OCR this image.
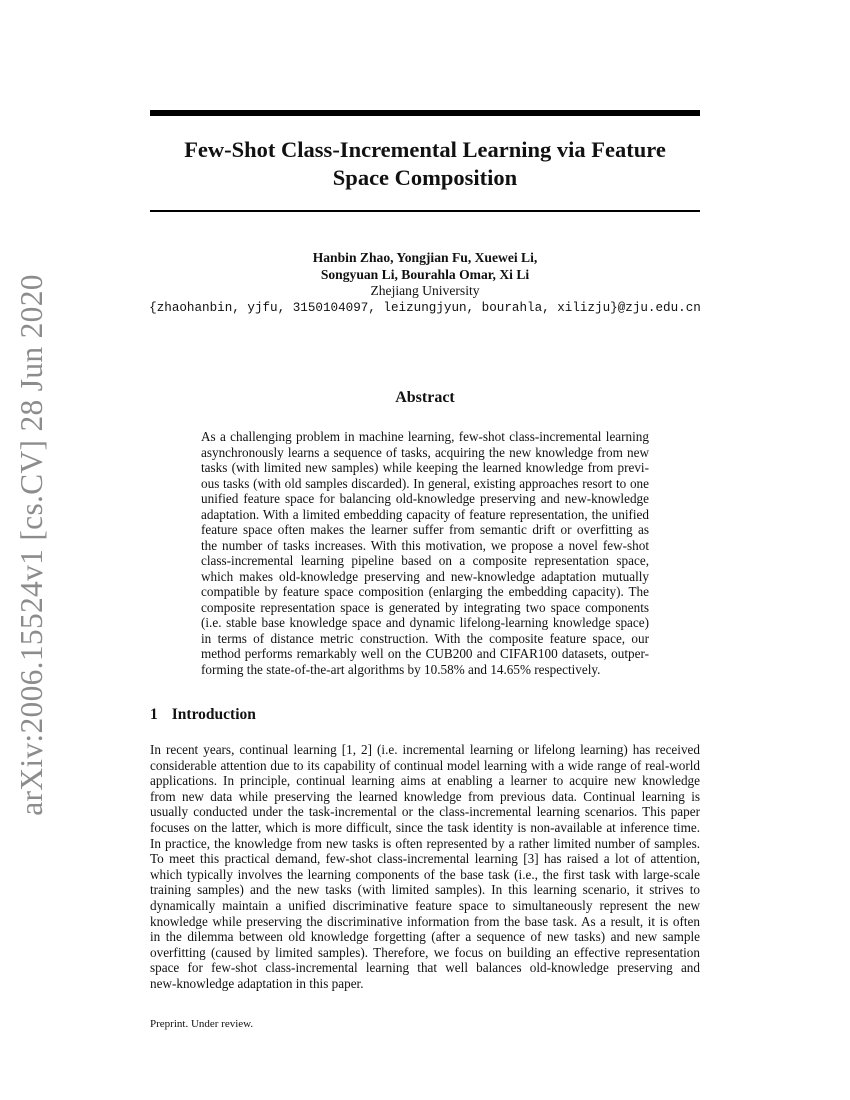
arXiv:2006.15524v1 [cs.CV] 28 Jun 2020
Few-Shot Class-Incremental Learning via Feature
Space Composition
Hanbin Zhao, Yongjian Fu, Xuewei Li,
Songyuan Li, Bourahla Omar, Xi Li
Zhejiang University
{zhaohanbin, yjfu, 3150104097, leizungjyun, bourahla, xilizju}@zju.edu.cn
Abstract
As a challenging problem in machine learning, few-shot class-incremental learning
asynchronously learns a sequence of tasks, acquiring the new knowledge from new
tasks (with limited new samples) while keeping the learned knowledge from previ-
ous tasks (with old samples discarded). In general, existing approaches resort to one
unified feature space for balancing old-knowledge preserving and new-knowledge
adaptation. With a limited embedding capacity of feature representation, the unified
feature space often makes the learner suffer from semantic drift or overfitting as
the number of tasks increases. With this motivation, we propose a novel few-shot
class-incremental learning pipeline based on a composite representation space,
which makes old-knowledge preserving and new-knowledge adaptation mutually
compatible by feature space composition (enlarging the embedding capacity). The
composite representation space is generated by integrating two space components
(i.e. stable base knowledge space and dynamic lifelong-learning knowledge space)
in terms of distance metric construction. With the composite feature space, our
method performs remarkably well on the CUB200 and CIFAR100 datasets, outper-
forming the state-of-the-art algorithms by 10.58% and 14.65% respectively.
1 Introduction
In recent years, continual learning [1, 2] (i.e. incremental learning or lifelong learning) has received
considerable attention due to its capability of continual model learning with a wide range of real-world
applications. In principle, continual learning aims at enabling a learner to acquire new knowledge
from new data while preserving the learned knowledge from previous data. Continual learning is
usually conducted under the task-incremental or the class-incremental learning scenarios. This paper
focuses on the latter, which is more difficult, since the task identity is non-available at inference time.
In practice, the knowledge from new tasks is often represented by a rather limited number of samples.
To meet this practical demand, few-shot class-incremental learning [3] has raised a lot of attention,
which typically involves the learning components of the base task (i.e., the first task with large-scale
training samples) and the new tasks (with limited samples). In this learning scenario, it strives to
dynamically maintain a unified discriminative feature space to simultaneously represent the new
knowledge while preserving the discriminative information from the base task. As a result, it is often
in the dilemma between old knowledge forgetting (after a sequence of new tasks) and new sample
overfitting (caused by limited samples). Therefore, we focus on building an effective representation
space for few-shot class-incremental learning that well balances old-knowledge preserving and
new-knowledge adaptation in this paper.
Preprint. Under review.
